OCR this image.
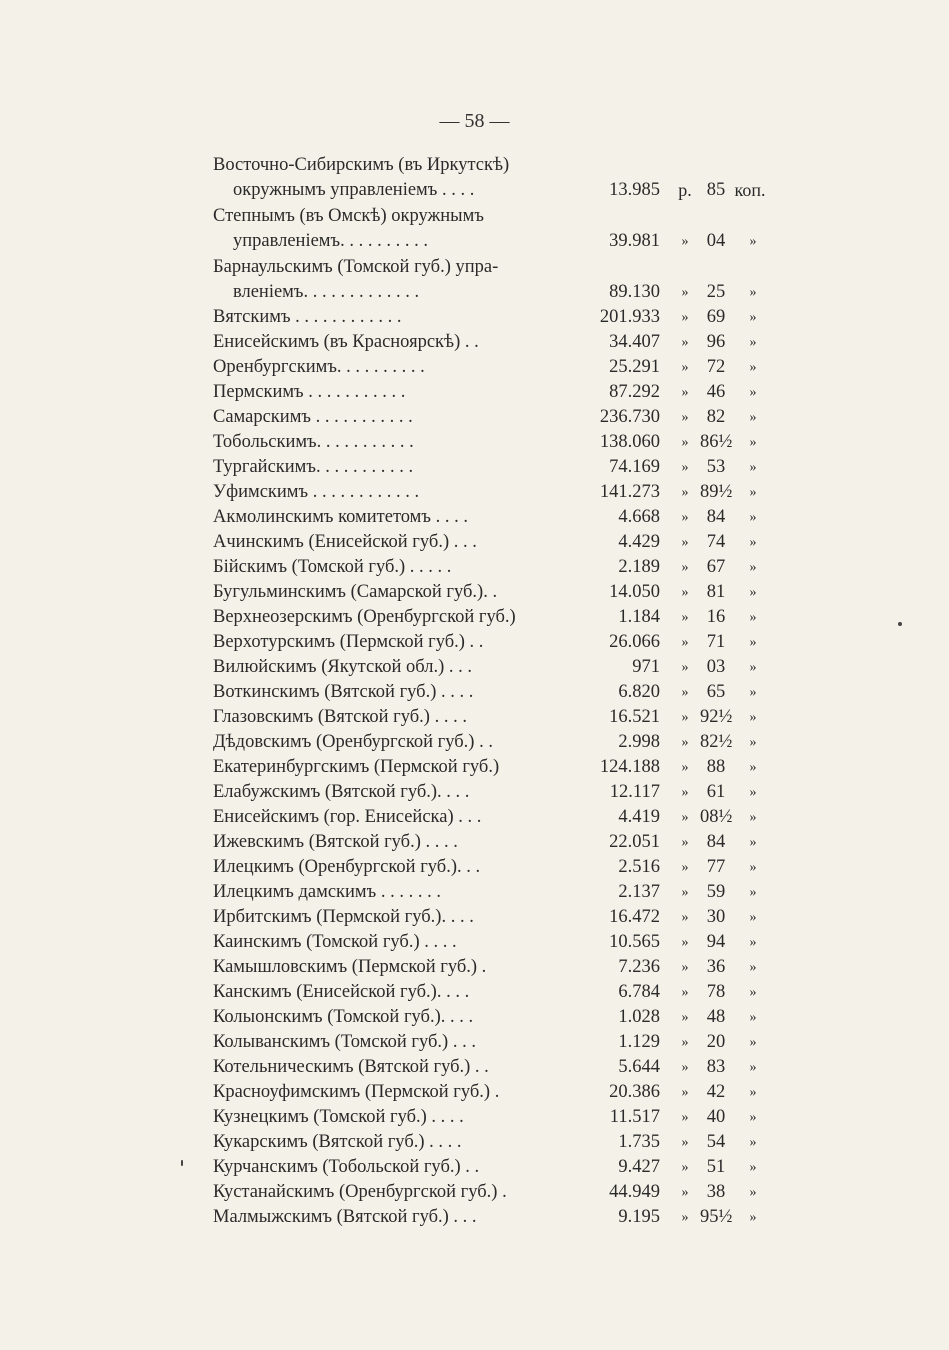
— 58 —
Восточно-Сибирскимъ (въ Иркутскѣ)
окружнымъ управленіемъ . . . .	13.985	р. 85 коп.
Степнымъ (въ Омскѣ) окружнымъ
управленіемъ. . . . . . . . . .	39.981	» 04	»
Барнаульскимъ (Томской губ.) упра-
вленіемъ. . . . . . . . . . . . .	89.130	» 25	»
Вятскимъ . . . . . . . . . . . .	201.933	» 69	»
Енисейскимъ (въ Красноярскѣ) . .	34.407	» 96	»
Оренбургскимъ. . . . . . . . . .	25.291	» 72	»
Пермскимъ . . . . . . . . . . .	87.292	» 46	»
Самарскимъ . . . . . . . . . . .	236.730	» 82	»
Тобольскимъ. . . . . . . . . . .	138.060	» 86½	»
Тургайскимъ. . . . . . . . . . .	74.169	» 53	»
Уфимскимъ . . . . . . . . . . . .	141.273	» 89½	»
Акмолинскимъ комитетомъ . . . .	4.668	» 84	»
Ачинскимъ (Енисейской губ.) . . .	4.429	» 74	»
Бійскимъ (Томской губ.) . . . . .	2.189	» 67	»
Бугульминскимъ (Самарской губ.). .	14.050	» 81	»
Верхнеозерскимъ (Оренбургской губ.)	1.184	» 16	»
Верхотурскимъ (Пермской губ.) . .	26.066	» 71	»
Вилюйскимъ (Якутской обл.) . . .	971	» 03	»
Воткинскимъ (Вятской губ.) . . . .	6.820	» 65	»
Глазовскимъ (Вятской губ.) . . . .	16.521	» 92½	»
Дѣдовскимъ (Оренбургской губ.) . .	2.998	» 82½	»
Екатеринбургскимъ (Пермской губ.)	124.188	» 88	»
Елабужскимъ (Вятской губ.). . . .	12.117	» 61	»
Енисейскимъ (гор. Енисейска) . . .	4.419	» 08½	»
Ижевскимъ (Вятской губ.) . . . .	22.051	» 84	»
Илецкимъ (Оренбургской губ.). . .	2.516	» 77	»
Илецкимъ дамскимъ . . . . . . .	2.137	» 59	»
Ирбитскимъ (Пермской губ.). . . .	16.472	» 30	»
Каинскимъ (Томской губ.) . . . .	10.565	» 94	»
Камышловскимъ (Пермской губ.) .	7.236	» 36	»
Канскимъ (Енисейской губ.). . . .	6.784	» 78	»
Колыонскимъ (Томской губ.). . . .	1.028	» 48	»
Колыванскимъ (Томской губ.) . . .	1.129	» 20	»
Котельническимъ (Вятской губ.) . .	5.644	» 83	»
Красноуфимскимъ (Пермской губ.) .	20.386	» 42	»
Кузнецкимъ (Томской губ.) . . . .	11.517	» 40	»
Кукарскимъ (Вятской губ.) . . . .	1.735	» 54	»
Курчанскимъ (Тобольской губ.) . .	9.427	» 51	»
Кустанайскимъ (Оренбургской губ.) .	44.949	» 38	»
Малмыжскимъ (Вятской губ.) . . .	9.195	» 95½	»
